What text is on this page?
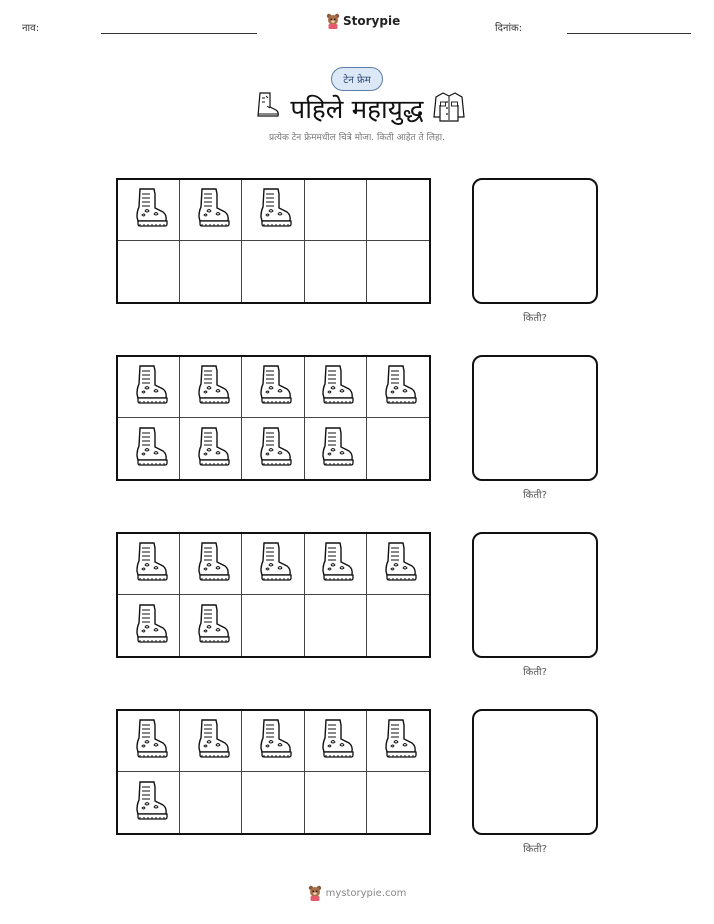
नाव:
Storypie
दिनांक:
टेन फ्रेम
पहिले महायुद्ध
प्रत्येक टेन फ्रेममधील चित्रे मोजा. किती आहेत ते लिहा.
किती?
किती?
किती?
किती?
mystorypie.com
